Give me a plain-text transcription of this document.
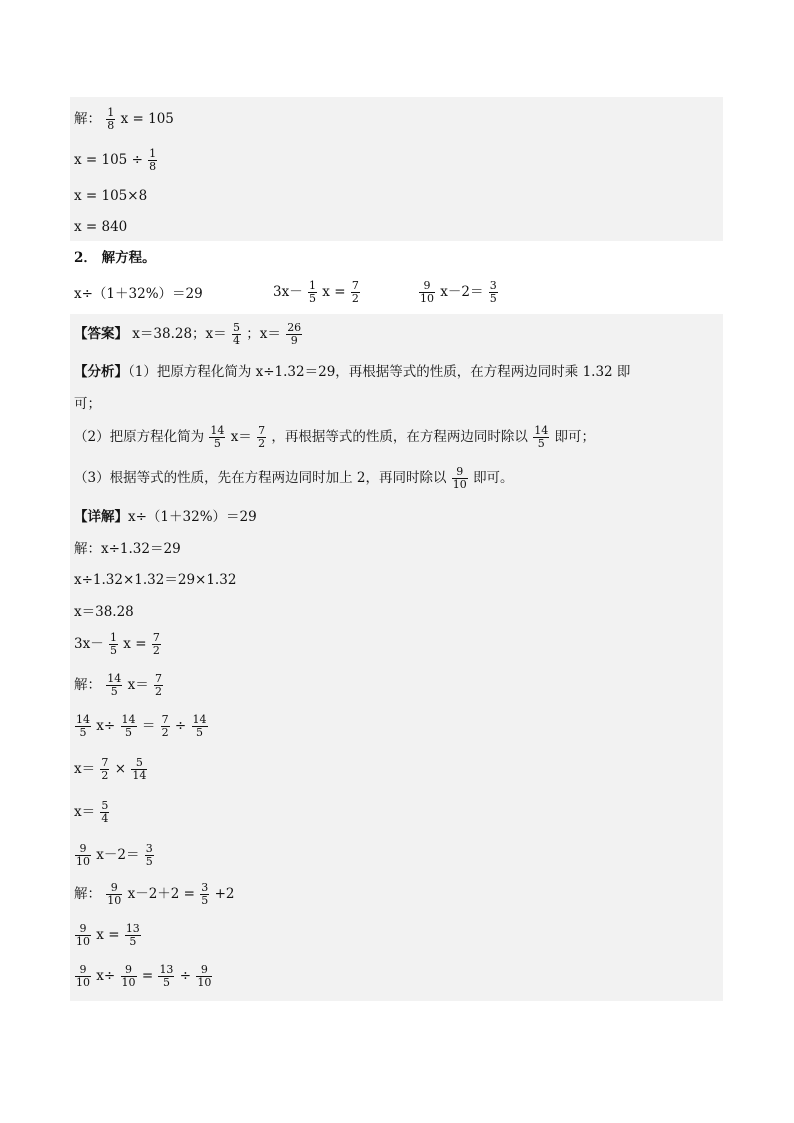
解： $\frac{1}{8}$ x = 105
$x = 105 \div \frac{1}{8}$
x = 105×8
x = 840
2． 解方程。
x÷（1＋32%）＝29	$3x- \frac{1}{5}$ $x = \frac{7}{2}$	$\frac{9}{10} x-2= \frac{3}{5}$
【答案】 x＝38.28；$x= \frac{5}{4}$ ；$x= \frac{26}{9}$
【分析】（1）把原方程化简为 x÷1.32＝29，再根据等式的性质，在方程两边同时乘 1.32 即
可；
（2）把原方程化简为 $\frac{14}{5} x= \frac{7}{2}$ ，再根据等式的性质，在方程两边同时除以 $\frac{14}{5}$ 即可；
（3）根据等式的性质，先在方程两边同时加上 2，再同时除以 $\frac{9}{10}$ 即可。
【详解】x÷（1＋32%）＝29
解：x÷1.32＝29
x÷1.32×1.32＝29×1.32
x＝38.28
$3x- \frac{1}{5}$ $x = \frac{7}{2}$
解： $\frac{14}{5} x= \frac{7}{2}$
$\frac{14}{5} x\div \frac{14}{5} = \frac{7}{2} \div \frac{14}{5}$
$x= \frac{7}{2} \times \frac{5}{14}$
$x= \frac{5}{4}$
$\frac{9}{10} x-2= \frac{3}{5}$
解： $\frac{9}{10} x-2+2 = \frac{3}{5} +2$
$\frac{9}{10}$ $x = \frac{13}{5}$
$\frac{9}{10} x\div \frac{9}{10} = \frac{13}{5} \div \frac{9}{10}$
